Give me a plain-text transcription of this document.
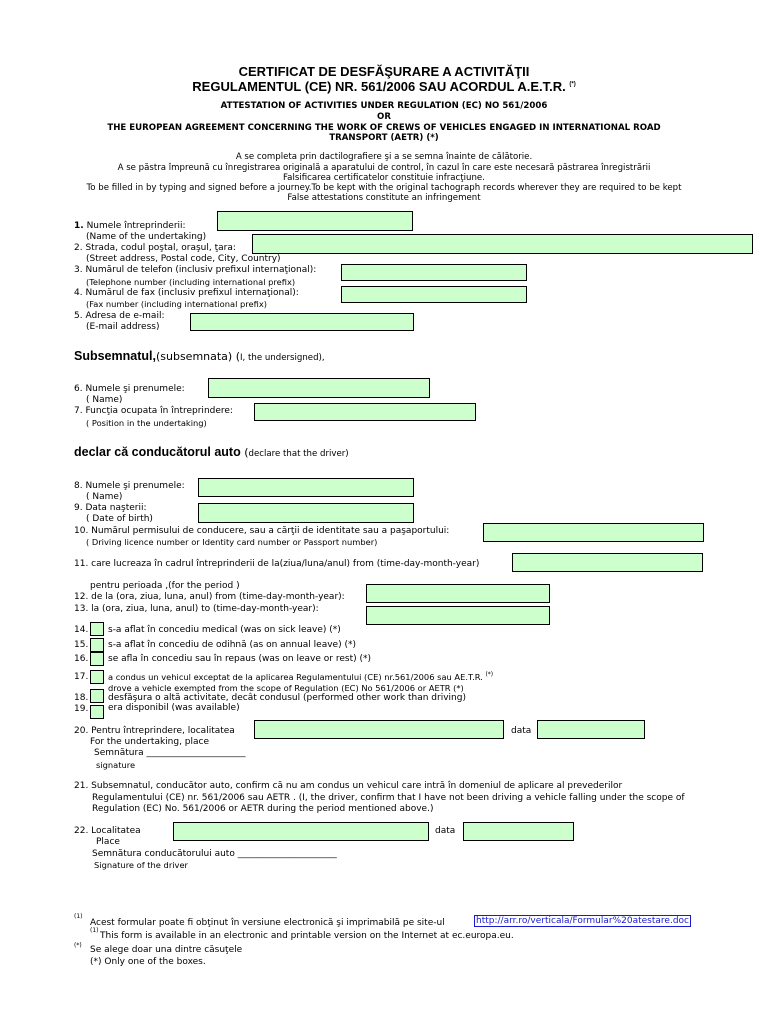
CERTIFICAT DE DESFĂŞURARE A ACTIVITĂŢII
REGULAMENTUL (CE) NR. 561/2006 SAU ACORDUL A.E.T.R. (*)
ATTESTATION OF ACTIVITIES UNDER REGULATION (EC) NO 561/2006
OR
THE EUROPEAN AGREEMENT CONCERNING THE WORK OF CREWS OF VEHICLES ENGAGED IN INTERNATIONAL ROAD
TRANSPORT (AETR) (*)
A se completa prin dactilografiere şi a se semna înainte de călătorie.
A se păstra împreună cu înregistrarea originală a aparatului de control, în cazul în care este necesară păstrarea înregistrării
Falsificarea certificatelor constituie infracţiune.
To be filled in by typing and signed before a journey.To be kept with the original tachograph records wherever they are required to be kept
False attestations constitute an infringement
1. Numele întreprinderii:
(Name of the undertaking)
2. Strada, codul poştal, oraşul, ţara:
(Street address, Postal code, City, Country)
3. Numărul de telefon (inclusiv prefixul internaţional):
(Telephone number (including international prefix)
4. Numărul de fax (inclusiv prefixul internaţional):
(Fax number (including international prefix)
5. Adresa de e-mail:
(E-mail address)
Subsemnatul,(subsemnata) (I, the undersigned),
6. Numele şi prenumele:
( Name)
7. Funcţia ocupata în întreprindere:
( Position in the undertaking)
declar că conducătorul auto (declare that the driver)
8. Numele şi prenumele:
( Name)
9. Data naşterii:
( Date of birth)
10. Numărul permisului de conducere, sau a cărţii de identitate sau a paşaportului:
( Driving licence number or Identity card number or Passport number)
11. care lucreaza în cadrul întreprinderii de la(ziua/luna/anul) from (time-day-month-year)
pentru perioada ,(for the period )
12. de la (ora, ziua, luna, anul) from (time-day-month-year):
13. la (ora, ziua, luna, anul) to (time-day-month-year):
14. s-a aflat în concediu medical (was on sick leave) (*)
15. s-a aflat în concediu de odihnă (as on annual leave) (*)
16. se afla în concediu sau în repaus (was on leave or rest) (*)
17. a condus un vehicul exceptat de la aplicarea Regulamentului (CE) nr.561/2006 sau AE.T.R. (*)
drove a vehicle exempted from the scope of Regulation (EC) No 561/2006 or AETR (*)
18. desfăşura o altă activitate, decât condusul (performed other work than driving)
19. era disponibil (was available)
20. Pentru întreprindere, localitatea	data
For the undertaking, place
Semnătura ______________________
signature
21. Subsemnatul, conducător auto, confirm că nu am condus un vehicul care intră în domeniul de aplicare al prevederilor
Regulamentului (CE) nr. 561/2006 sau AETR . (I, the driver, confirm that I have not been driving a vehicle falling under the scope of
Regulation (EC) No. 561/2006 or AETR during the period mentioned above.)
22. Localitatea	data
Place
Semnătura conducătorului auto ______________________
Signature of the driver
(1)
Acest formular poate fi obţinut în versiune electronică şi imprimabilă pe site-ul	http://arr.ro/verticala/Formular%20atestare.doc
(1)
This form is available in an electronic and printable version on the Internet at ec.europa.eu.
(*) Se alege doar una dintre căsuţele
(*) Only one of the boxes.
